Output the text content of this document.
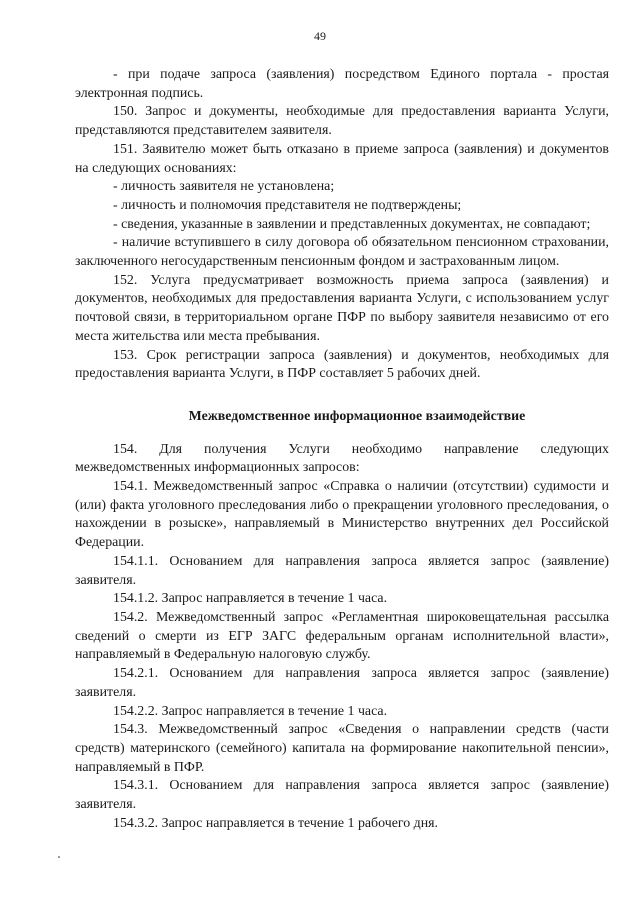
49

- при подаче запроса (заявления) посредством Единого портала - простая электронная подпись.

150. Запрос и документы, необходимые для предоставления варианта Услуги, представляются представителем заявителя.

151. Заявителю может быть отказано в приеме запроса (заявления) и документов на следующих основаниях:

- личность заявителя не установлена;

- личность и полномочия представителя не подтверждены;

- сведения, указанные в заявлении и представленных документах, не совпадают;

- наличие вступившего в силу договора об обязательном пенсионном страховании, заключенного негосударственным пенсионным фондом и застрахованным лицом.

152. Услуга предусматривает возможность приема запроса (заявления) и документов, необходимых для предоставления варианта Услуги, с использованием услуг почтовой связи, в территориальном органе ПФР по выбору заявителя независимо от его места жительства или места пребывания.

153. Срок регистрации запроса (заявления) и документов, необходимых для предоставления варианта Услуги, в ПФР составляет 5 рабочих дней.

Межведомственное информационное взаимодействие

154. Для получения Услуги необходимо направление следующих межведомственных информационных запросов:

154.1. Межведомственный запрос «Справка о наличии (отсутствии) судимости и (или) факта уголовного преследования либо о прекращении уголовного преследования, о нахождении в розыске», направляемый в Министерство внутренних дел Российской Федерации.

154.1.1. Основанием для направления запроса является запрос (заявление) заявителя.

154.1.2. Запрос направляется в течение 1 часа.

154.2. Межведомственный запрос «Регламентная широковещательная рассылка сведений о смерти из ЕГР ЗАГС федеральным органам исполнительной власти», направляемый в Федеральную налоговую службу.

154.2.1. Основанием для направления запроса является запрос (заявление) заявителя.

154.2.2. Запрос направляется в течение 1 часа.

154.3. Межведомственный запрос «Сведения о направлении средств (части средств) материнского (семейного) капитала на формирование накопительной пенсии», направляемый в ПФР.

154.3.1. Основанием для направления запроса является запрос (заявление) заявителя.

154.3.2. Запрос направляется в течение 1 рабочего дня.
